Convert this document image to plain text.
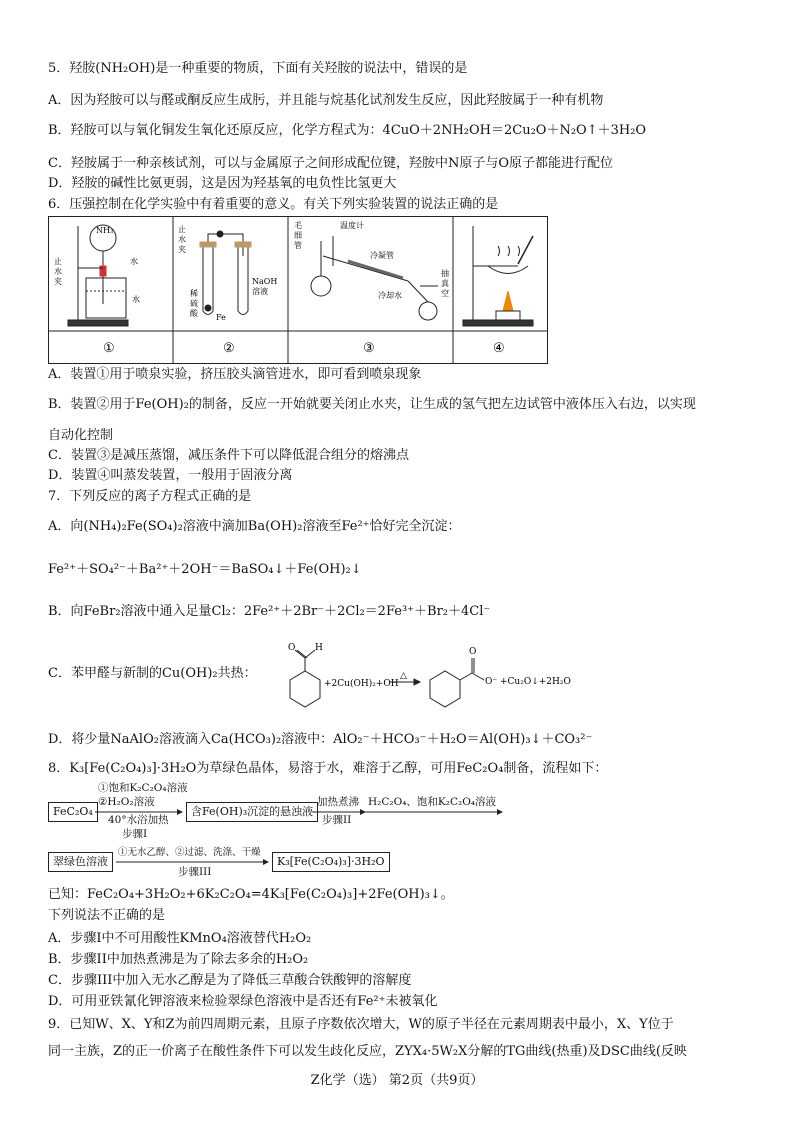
5．羟胺(NH₂OH)是一种重要的物质，下面有关羟胺的说法中，错误的是
A．因为羟胺可以与醛或酮反应生成肟，并且能与烷基化试剂发生反应，因此羟胺属于一种有机物
B．羟胺可以与氧化铜发生氧化还原反应，化学方程式为：4CuO＋2NH₂OH＝2Cu₂O＋N₂O↑＋3H₂O
C．羟胺属于一种亲核试剂，可以与金属原子之间形成配位键，羟胺中N原子与O原子都能进行配位
D．羟胺的碱性比氨更弱，这是因为羟基氧的电负性比氢更大
6．压强控制在化学实验中有着重要的意义。有关下列实验装置的说法正确的是
NH₃
止
水
夹
水
水
止
水
夹
稀
硫
酸 Fe
NaOH
溶液
毛
细
管
温度计
冷凝管
冷却水
抽
真
空
①	②	③	④
A．装置①用于喷泉实验，挤压胶头滴管进水，即可看到喷泉现象
B．装置②用于Fe(OH)₂的制备，反应一开始就要关闭止水夹，让生成的氢气把左边试管中液体压入右边，以实现
自动化控制
C．装置③是减压蒸馏，减压条件下可以降低混合组分的熔沸点
D．装置④叫蒸发装置，一般用于固液分离
7．下列反应的离子方程式正确的是
A．向(NH₄)₂Fe(SO₄)₂溶液中滴加Ba(OH)₂溶液至Fe²⁺恰好完全沉淀：
Fe²⁺＋SO₄²⁻＋Ba²⁺＋2OH⁻＝BaSO₄↓＋Fe(OH)₂↓
B．向FeBr₂溶液中通入足量Cl₂：2Fe²⁺＋2Br⁻＋2Cl₂＝2Fe³⁺＋Br₂＋4Cl⁻
C．苯甲醛与新制的Cu(OH)₂共热：
O H
+2Cu(OH)₂+OH⁻
△
O
O⁻ +Cu₂O↓+2H₂O
D．将少量NaAlO₂溶液滴入Ca(HCO₃)₂溶液中：AlO₂⁻＋HCO₃⁻＋H₂O＝Al(OH)₃↓＋CO₃²⁻
8．K₃[Fe(C₂O₄)₃]·3H₂O为草绿色晶体，易溶于水，难溶于乙醇，可用FeC₂O₄制备，流程如下：
FeC₂O₄
①饱和K₂C₂O₄溶液
②H₂O₂溶液
40°水浴加热
步骤I
含Fe(OH)₃沉淀的悬浊液
加热煮沸
步骤II
H₂C₂O₄、饱和K₂C₂O₄溶液
翠绿色溶液
①无水乙醇、②过滤、洗涤、干燥
步骤III
K₃[Fe(C₂O₄)₃]·3H₂O
已知：FeC₂O₄+3H₂O₂+6K₂C₂O₄=4K₃[Fe(C₂O₄)₃]+2Fe(OH)₃↓。
下列说法不正确的是
A．步骤I中不可用酸性KMnO₄溶液替代H₂O₂
B．步骤II中加热煮沸是为了除去多余的H₂O₂
C．步骤III中加入无水乙醇是为了降低三草酸合铁酸钾的溶解度
D．可用亚铁氰化钾溶液来检验翠绿色溶液中是否还有Fe²⁺未被氧化
9．已知W、X、Y和Z为前四周期元素，且原子序数依次增大，W的原子半径在元素周期表中最小，X、Y位于
同一主族，Z的正一价离子在酸性条件下可以发生歧化反应，ZYX₄·5W₂X分解的TG曲线(热重)及DSC曲线(反映
Z化学（选） 第2页（共9页）
